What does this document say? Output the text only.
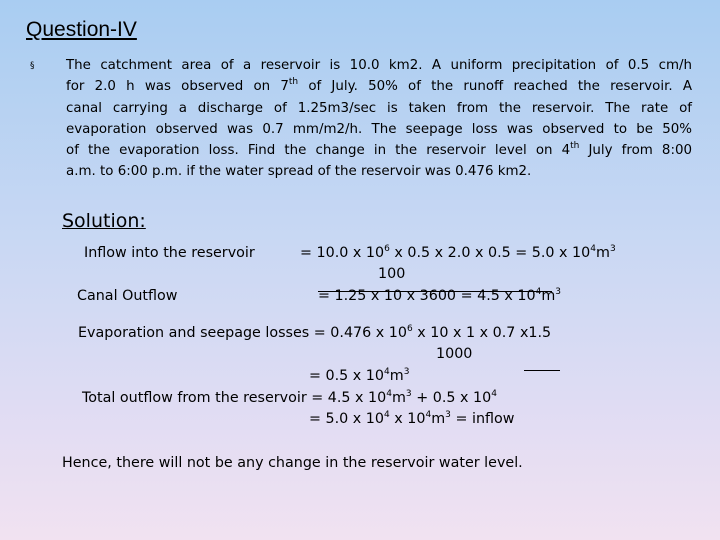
Question-IV
§ The catchment area of a reservoir is 10.0 km2. A uniform precipitation of 0.5 cm/h
for 2.0 h was observed on 7th of July. 50% of the runoff reached the reservoir. A
canal carrying a discharge of 1.25m3/sec is taken from the reservoir. The rate of
evaporation observed was 0.7 mm/m2/h. The seepage loss was observed to be 50%
of the evaporation loss. Find the change in the reservoir level on 4th July from 8:00
a.m. to 6:00 p.m. if the water spread of the reservoir was 0.476 km2.
Solution:
Inflow into the reservoir	= 10.0 x $10^6$ x 0.5 x 2.0 x 0.5 = 5.0 x $10^4m^3$
100
Canal Outflow	= 1.25 x 10 x 3600 = 4.5 x $10^4m^3$
Evaporation and seepage losses = 0.476 x $10^6$ x 10 x 1 x 0.7 x1.5
1000
= 0.5 x $10^4m^3$
Total outflow from the reservoir = 4.5 x $10^4m^3 + 0.5$ x $10^4$
= 5.0 x $10^4$ x $10^4m^3$ = inflow
Hence, there will not be any change in the reservoir water level.
